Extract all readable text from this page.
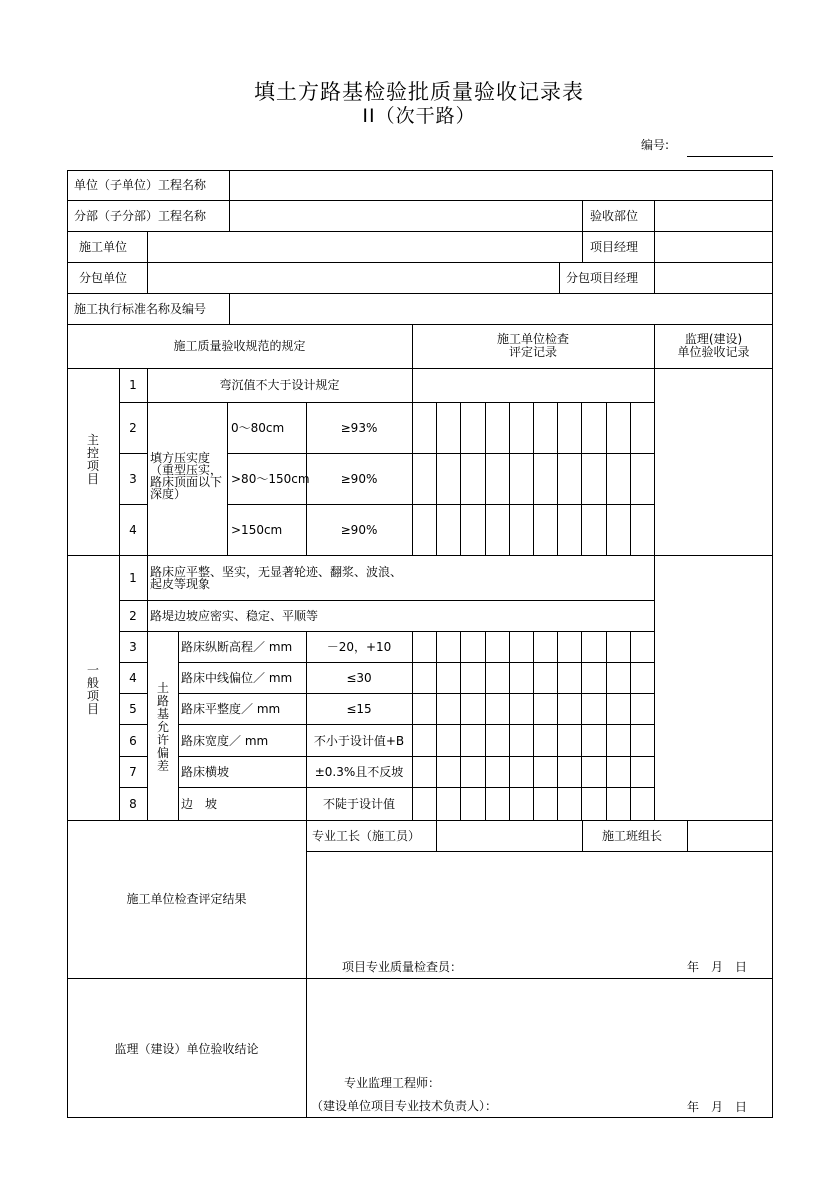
填土方路基检验批质量验收记录表
II（次干路）
编号:
单位（子单位）工程名称
分部（子分部）工程名称	验收部位
施工单位	项目经理
分包单位	分包项目经理
施工执行标准名称及编号
施工质量验收规范的规定	施工单位检查
评定记录
监理(建设)
单位验收记录
主控项目
1	弯沉值不大于设计规定
填方压实度（重型压实，路床顶面以下深度）
2	0～80cm	≥93%
3	>80～150cm	≥90%
4	>150cm	≥90%
一般项目
1	路床应平整、坚实，无显著轮迹、翻浆、波浪、起皮等现象
2	路堤边坡应密实、稳定、平顺等
土路基允许偏差
3	路床纵断高程／ mm	－20，+10
4	路床中线偏位／ mm	≤30
5	路床平整度／ mm	≤15
6	路床宽度／ mm	不小于设计值+B
7	路床横坡	±0.3%且不反坡
8	边　坡	不陡于设计值
施工单位检查评定结果
专业工长（施工员）	施工班组长
项目专业质量检查员：	年　月　日
监理（建设）单位验收结论
专业监理工程师：
（建设单位项目专业技术负责人）：	年　月　日
